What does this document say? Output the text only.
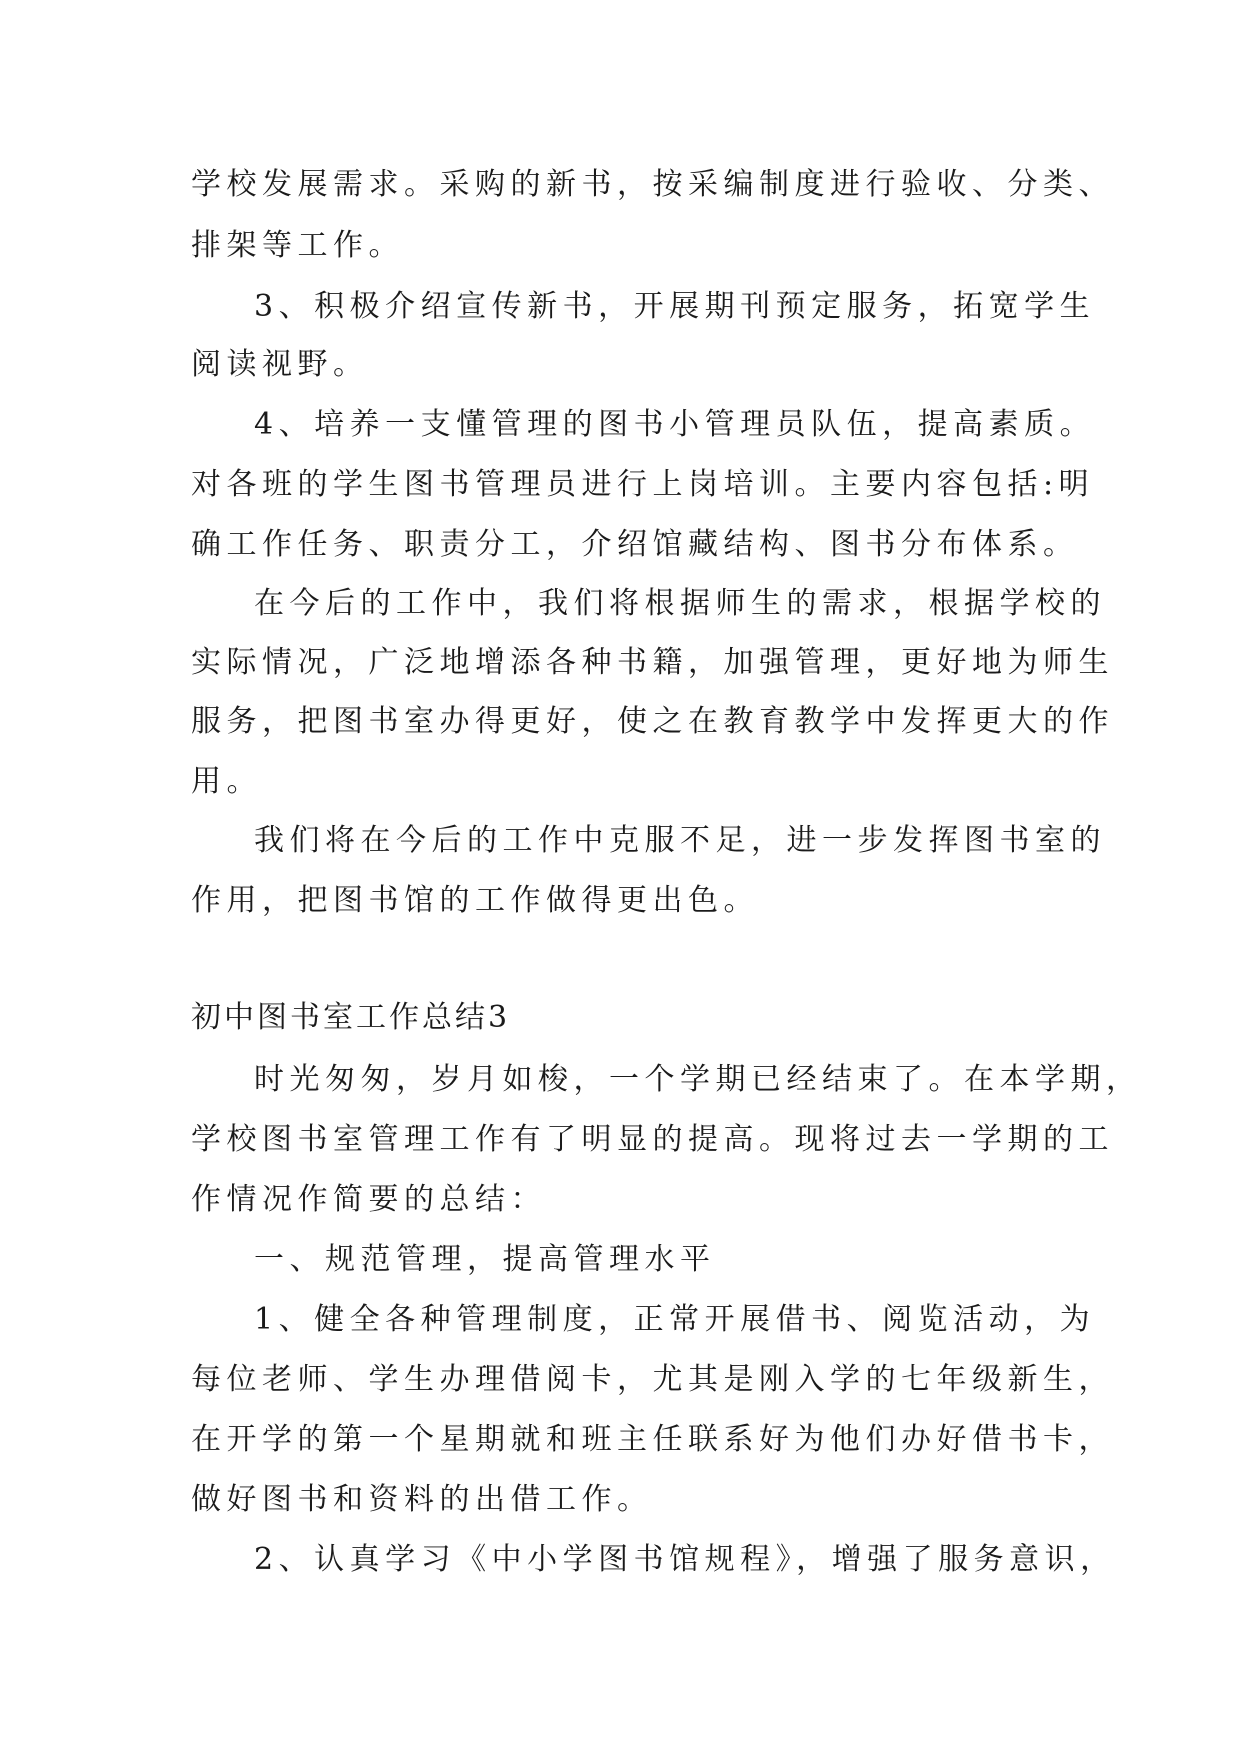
学校发展需求。采购的新书，按采编制度进行验收、分类、
排架等工作。
3、积极介绍宣传新书，开展期刊预定服务，拓宽学生
阅读视野。
4、培养一支懂管理的图书小管理员队伍，提高素质。
对各班的学生图书管理员进行上岗培训。主要内容包括:明
确工作任务、职责分工，介绍馆藏结构、图书分布体系。
在今后的工作中，我们将根据师生的需求，根据学校的
实际情况，广泛地增添各种书籍，加强管理，更好地为师生
服务，把图书室办得更好，使之在教育教学中发挥更大的作
用。
我们将在今后的工作中克服不足，进一步发挥图书室的
作用，把图书馆的工作做得更出色。
初中图书室工作总结3
时光匆匆，岁月如梭，一个学期已经结束了。在本学期，
学校图书室管理工作有了明显的提高。现将过去一学期的工
作情况作简要的总结：
一、规范管理，提高管理水平
1、健全各种管理制度，正常开展借书、阅览活动，为
每位老师、学生办理借阅卡，尤其是刚入学的七年级新生，
在开学的第一个星期就和班主任联系好为他们办好借书卡，
做好图书和资料的出借工作。
2、认真学习《中小学图书馆规程》，增强了服务意识，
